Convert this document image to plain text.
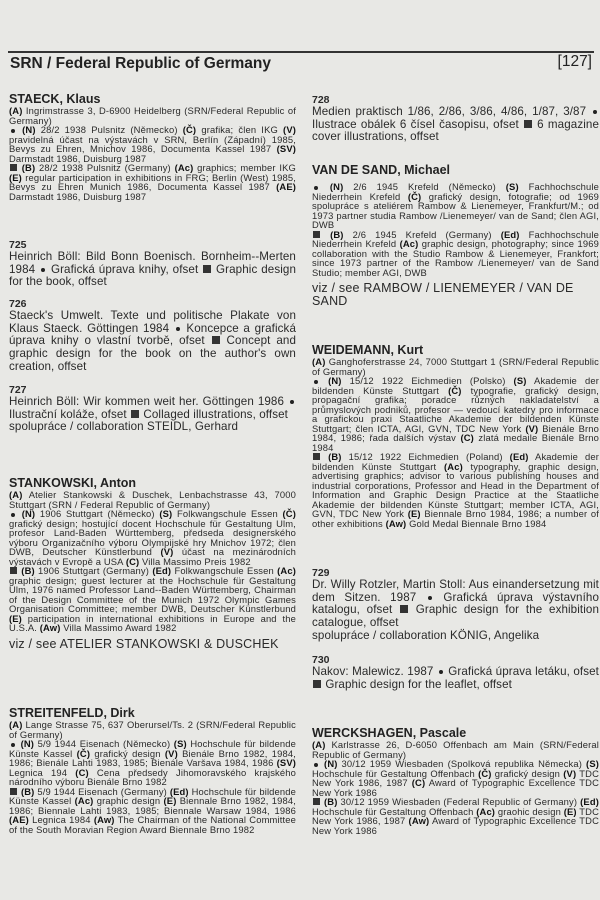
SRN / Federal Republic of Germany	[127]
STAECK, Klaus

(A) Ingrimstrasse 3, D-6900 Heidelberg (SRN/Federal Republic of Germany)

(N) 28/2 1938 Pulsnitz (Německo) (Č) grafika; člen IKG (V) pravidelná účast na výstavách v SRN, Berlín (Západní) 1985, Bevys zu Ehren, Mnichov 1986, Documenta Kassel 1987 (SV) Darmstadt 1986, Duisburg 1987

(B) 28/2 1938 Pulsnitz (Germany) (Ac) graphics; member IKG (E) regular participation in exhibitions in FRG; Berlin (West) 1985, Bevys zu Ehren Munich 1986, Documenta Kassel 1987 (AE) Darmstadt 1986, Duisburg 1987

725

Heinrich Böll: Bild Bonn Boenisch. Bornheim--Merten 1984  Grafická úprava knihy, ofset  Graphic design for the book, offset

726

Staeck's Umwelt. Texte und politische Plakate von Klaus Staeck. Göttingen 1984  Koncepce a grafická úprava knihy o vlastní tvorbě, ofset  Concept and graphic design for the book on the author's own creation, offset

727

Heinrich Böll: Wir kommen weit her. Göttingen 1986  Ilustrační koláže, ofset  Collaged illustrations, offset

spolupráce / collaboration STEIDL, Gerhard

STANKOWSKI, Anton

(A) Atelier Stankowski & Duschek, Lenbachstrasse 43, 7000 Stuttgart (SRN / Federal Republic of Germany)

(N) 1906 Stuttgart (Německo) (S) Folkwangschule Essen (Č) grafický design; hostující docent Hochschule für Gestaltung Ulm, profesor Land-Baden Württemberg, předseda designerského výboru Organizačního výboru Olympijské hry Mnichov 1972; člen DWB, Deutscher Künstlerbund (V) účast na mezinárodních výstavách v Evropě a USA (C) Villa Massimo Preis 1982

(B) 1906 Stuttgart (Germany) (Ed) Folkwangschule Essen (Ac) graphic design; guest lecturer at the Hochschule für Gestaltung Ulm, 1976 named Professor Land--Baden Württemberg, Chairman of the Design Committee of the Munich 1972 Olympic Games Organisation Committee; member DWB, Deutscher Künstlerbund (E) participation in international exhibitions in Europe and the U.S.A. (Aw) Villa Massimo Award 1982

viz / see ATELIER STANKOWSKI & DUSCHEK
STREITENFELD, Dirk

(A) Lange Strasse 75, 637 Oberursel/Ts. 2 (SRN/Federal Republic of Germany)

(N) 5/9 1944 Eisenach (Německo) (S) Hochschule für bildende Künste Kassel (Č) grafický design (V) Bienále Brno 1982, 1984, 1986; Bienále Lahti 1983, 1985; Bienále Varšava 1984, 1986 (SV) Legnica 194 (C) Cena předsedy Jihomoravského krajského národního výboru Bienále Brno 1982

(B) 5/9 1944 Eisenach (Germany) (Ed) Hochschule für bildende Künste Kassel (Ac) graphic design (E) Biennale Brno 1982, 1984, 1986; Biennale Lahti 1983, 1985; Biennale Warsaw 1984, 1986 (AE) Legnica 1984 (Aw) The Chairman of the National Committee of the South Moravian Region Award Biennale Brno 1982

728

Medien praktisch 1/86, 2/86, 3/86, 4/86, 1/87, 3/87  Ilustrace obálek 6 čísel časopisu, ofset  6 magazine cover illustrations, offset

VAN DE SAND, Michael

(N) 2/6 1945 Krefeld (Německo) (S) Fachhochschule Niederrhein Krefeld (Č) grafický design, fotografie; od 1969 spolupráce s ateliérem Rambow & Lienemeyer, Frankfurt/M.; od 1973 partner studia Rambow /Lienemeyer/ van de Sand; člen AGI, DWB

(B) 2/6 1945 Krefeld (Germany) (Ed) Fachhochschule Niederrhein Krefeld (Ac) graphic design, photography; since 1969 collaboration with the Studio Rambow & Lienemeyer, Frankfort; since 1973 partner of the Rambow /Lienemeyer/ van de Sand Studio; member AGI, DWB

viz / see RAMBOW / LIENEMEYER / VAN DE SAND
WEIDEMANN, Kurt

(A) Ganghoferstrasse 24, 7000 Stuttgart 1 (SRN/Federal Republic of Germany)

(N) 15/12 1922 Eichmedien (Polsko) (S) Akademie der bildenden Künste Stuttgart (Č) typografie, grafický design, propagační grafika; poradce různých nakladatelství a průmyslových podniků, profesor — vedoucí katedry pro informace a grafickou praxi Staatliche Akademie der bildenden Künste Stuttgart; člen ICTA, AGI, GVN, TDC New York (V) Bienále Brno 1984, 1986; řada dalších výstav (C) zlatá medaile Bienále Brno 1984

(B) 15/12 1922 Eichmedien (Poland) (Ed) Akademie der bildenden Künste Stuttgart (Ac) typography, graphic design, advertising graphics; advisor to various publishing houses and industrial corporations, Professor and Head in the Department of Information and Graphic Design Practice at the Staatliche Akademie der bildenden Künste Stuttgart; member ICTA, AGI, GVN, TDC New York (E) Biennale Brno 1984, 1986; a number of other exhibitions (Aw) Gold Medal Biennale Brno 1984

729

Dr. Willy Rotzler, Martin Stoll: Aus einandersetzung mit dem Sitzen. 1987  Grafická úprava výstavního katalogu, ofset  Graphic design for the exhibition catalogue, offset

spolupráce / collaboration KÖNIG, Angelika

730

Nakov: Malewicz. 1987  Grafická úprava letáku, ofset  Graphic design for the leaflet, offset

WERCKSHAGEN, Pascale

(A) Karlstrasse 26, D-6050 Offenbach am Main (SRN/Federal Republic of Germany)

(N) 30/12 1959 Wiesbaden (Spolková republika Německa) (S) Hochschule für Gestaltung Offenbach (Č) grafický design (V) TDC New York 1986, 1987 (C) Award of Typographic Excellence TDC New York 1986

(B) 30/12 1959 Wiesbaden (Federal Republic of Germany) (Ed) Hochschule für Gestaltung Offenbach (Ac) graohic design (E) TDC New York 1986, 1987 (Aw) Award of Typographic Excellence TDC New York 1986
